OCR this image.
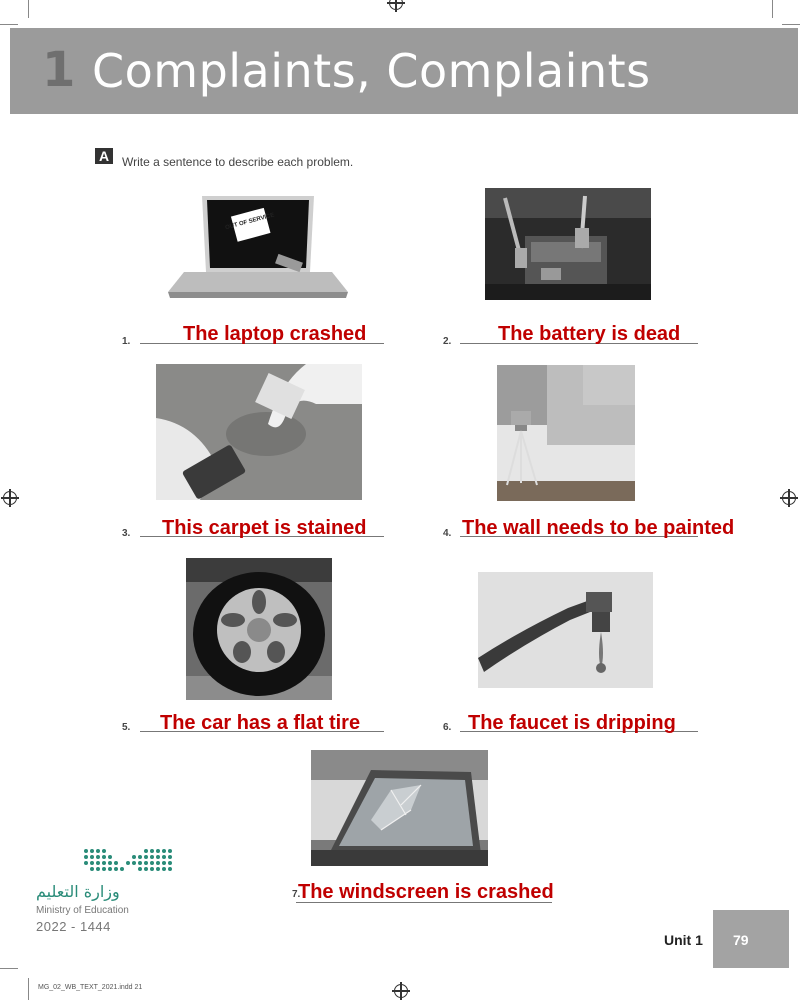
1 Complaints, Complaints
A	Write a sentence to describe each problem.
OUT OF SERVICE
1.	The laptop crashed	2. The battery is dead
3. This carpet is stained	4. The wall needs to be painted
5. The car has a flat tire	6. The faucet is dripping
7.
The windscreen is crashed
وزارة التعليم
Ministry of Education
2022 - 1444
Unit 1 79
MG_02_WB_TEXT_2021.indd 21
